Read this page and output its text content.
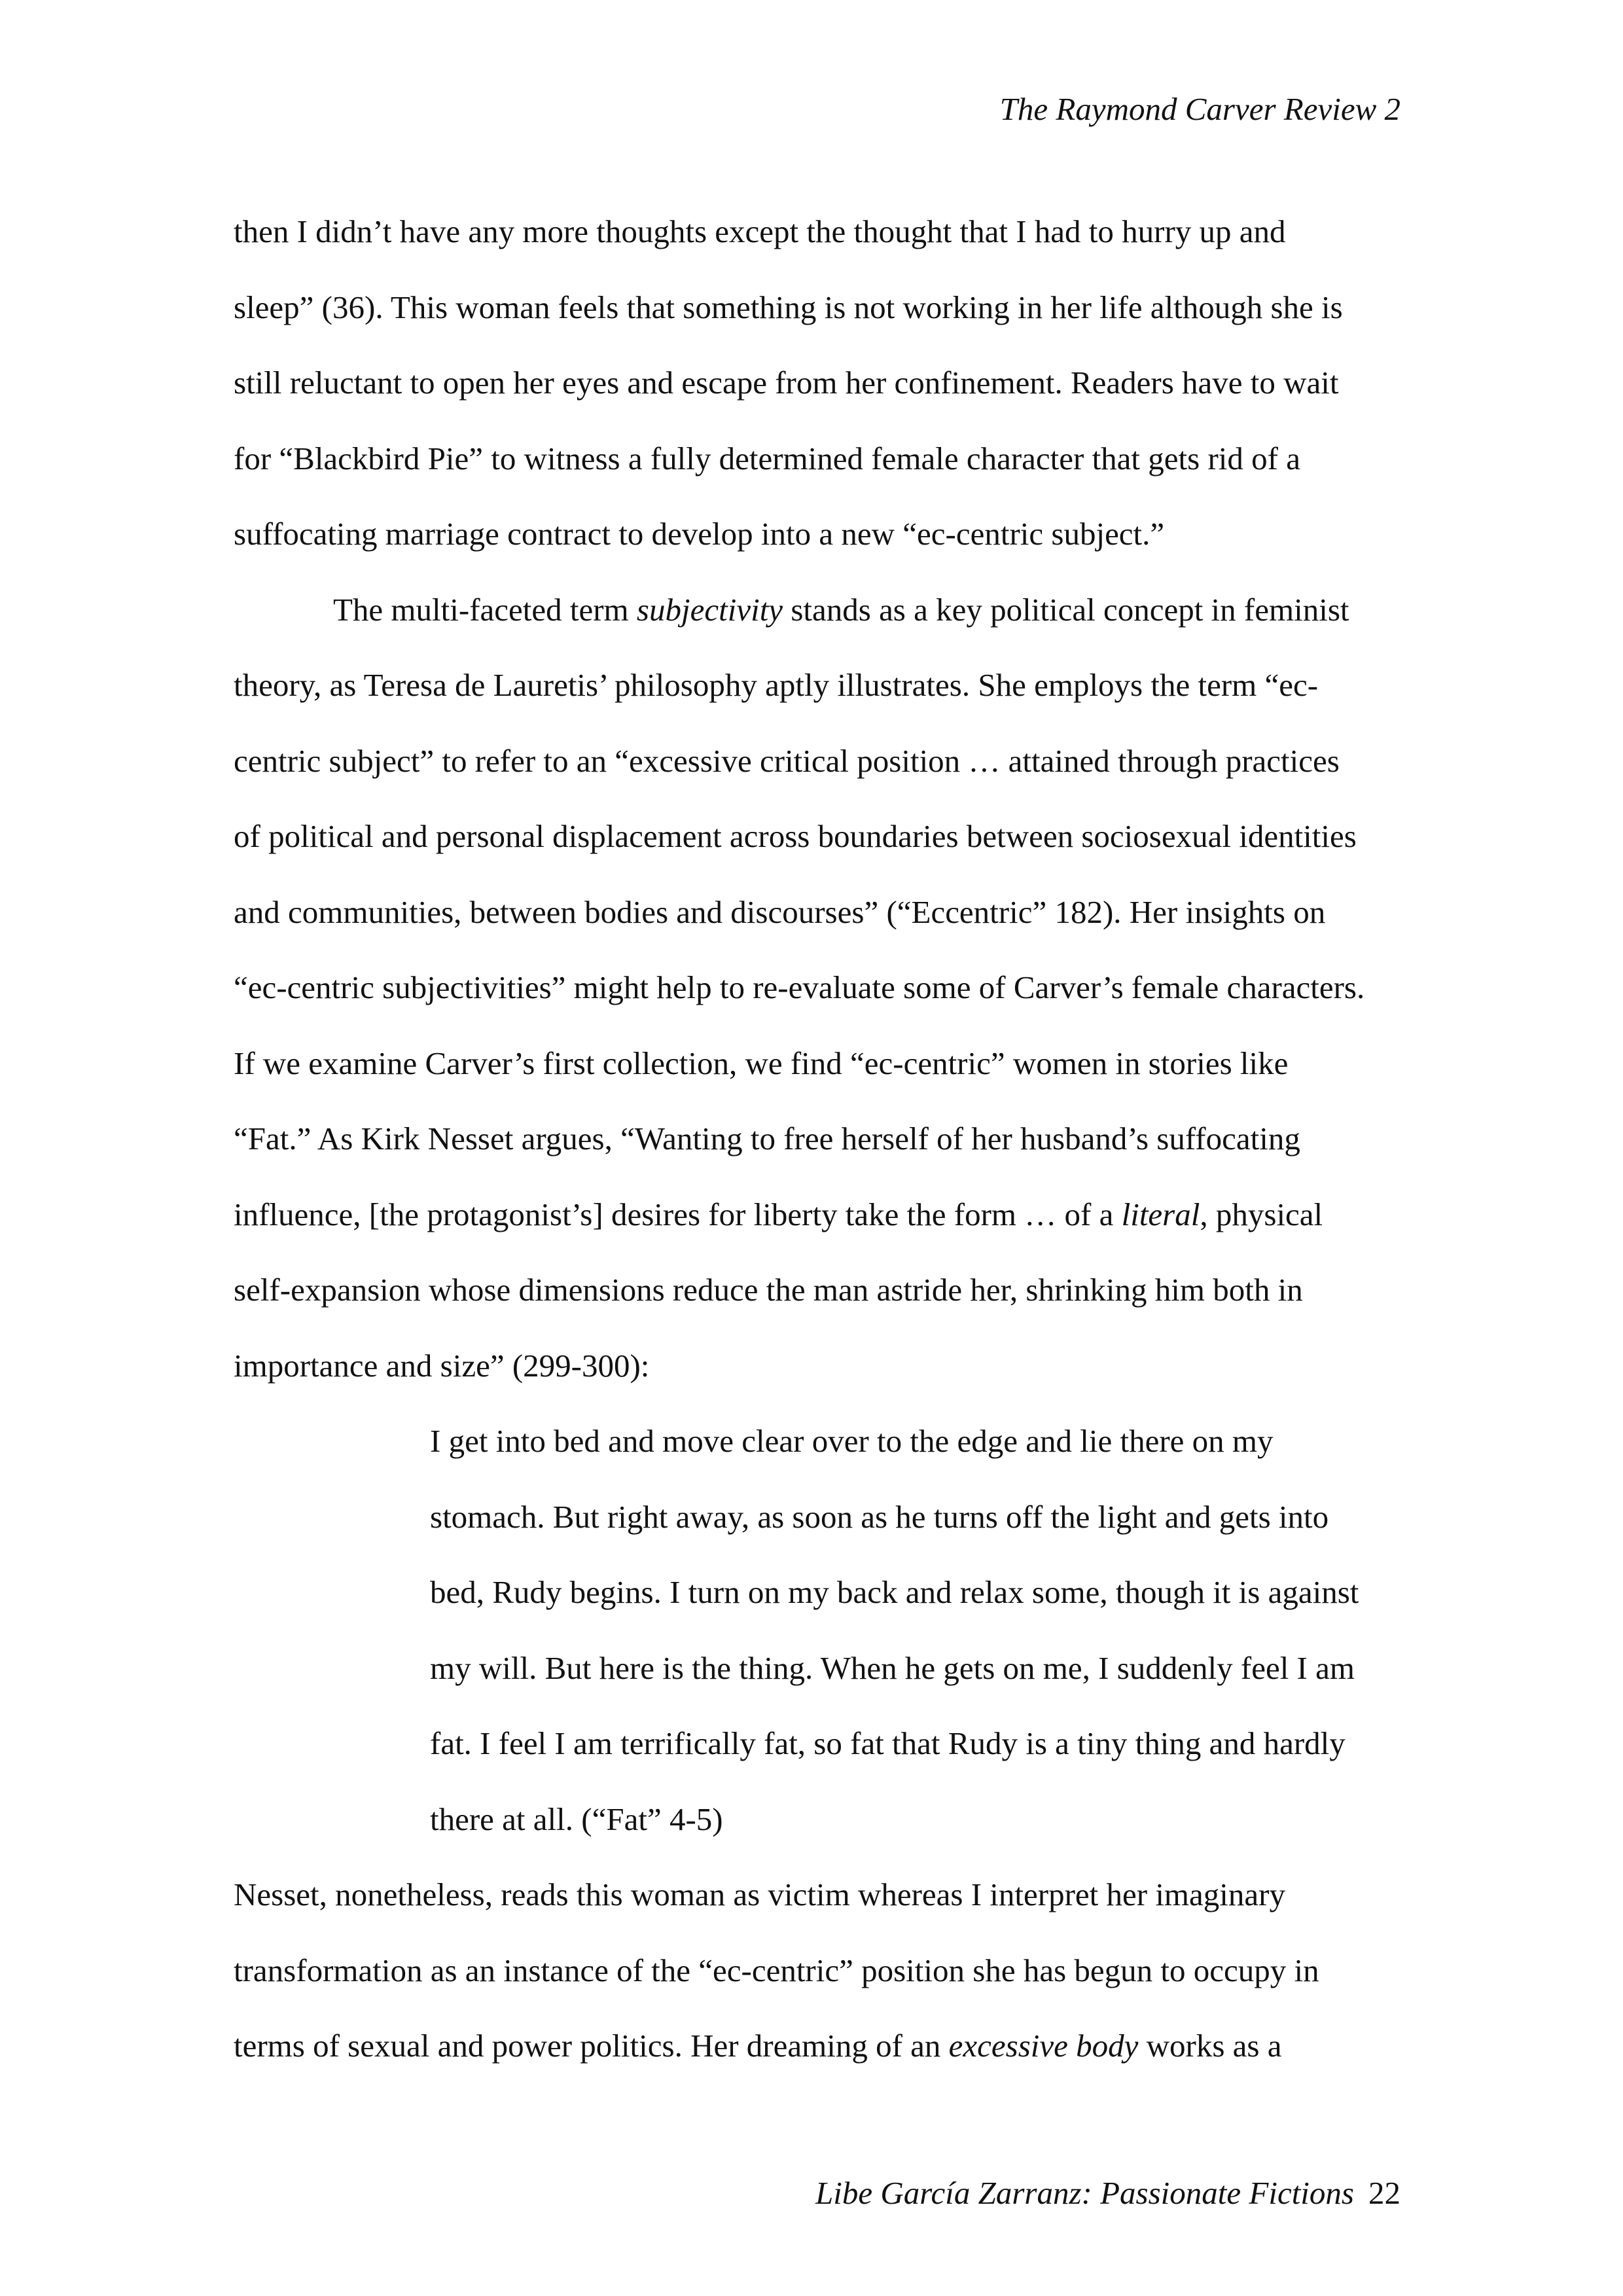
The Raymond Carver Review 2
then I didn’t have any more thoughts except the thought that I had to hurry up and
sleep” (36). This woman feels that something is not working in her life although she is
still reluctant to open her eyes and escape from her confinement. Readers have to wait
for “Blackbird Pie” to witness a fully determined female character that gets rid of a
suffocating marriage contract to develop into a new “ec-centric subject.”
The multi-faceted term subjectivity stands as a key political concept in feminist
theory, as Teresa de Lauretis’ philosophy aptly illustrates. She employs the term “ec-
centric subject” to refer to an “excessive critical position … attained through practices
of political and personal displacement across boundaries between sociosexual identities
and communities, between bodies and discourses” (“Eccentric” 182). Her insights on
“ec-centric subjectivities” might help to re-evaluate some of Carver’s female characters.
If we examine Carver’s first collection, we find “ec-centric” women in stories like
“Fat.” As Kirk Nesset argues, “Wanting to free herself of her husband’s suffocating
influence, [the protagonist’s] desires for liberty take the form … of a literal, physical
self-expansion whose dimensions reduce the man astride her, shrinking him both in
importance and size” (299-300):
I get into bed and move clear over to the edge and lie there on my
stomach. But right away, as soon as he turns off the light and gets into
bed, Rudy begins. I turn on my back and relax some, though it is against
my will. But here is the thing. When he gets on me, I suddenly feel I am
fat. I feel I am terrifically fat, so fat that Rudy is a tiny thing and hardly
there at all. (“Fat” 4-5)
Nesset, nonetheless, reads this woman as victim whereas I interpret her imaginary
transformation as an instance of the “ec-centric” position she has begun to occupy in
terms of sexual and power politics. Her dreaming of an excessive body works as a
Libe García Zarranz: Passionate Fictions 22
